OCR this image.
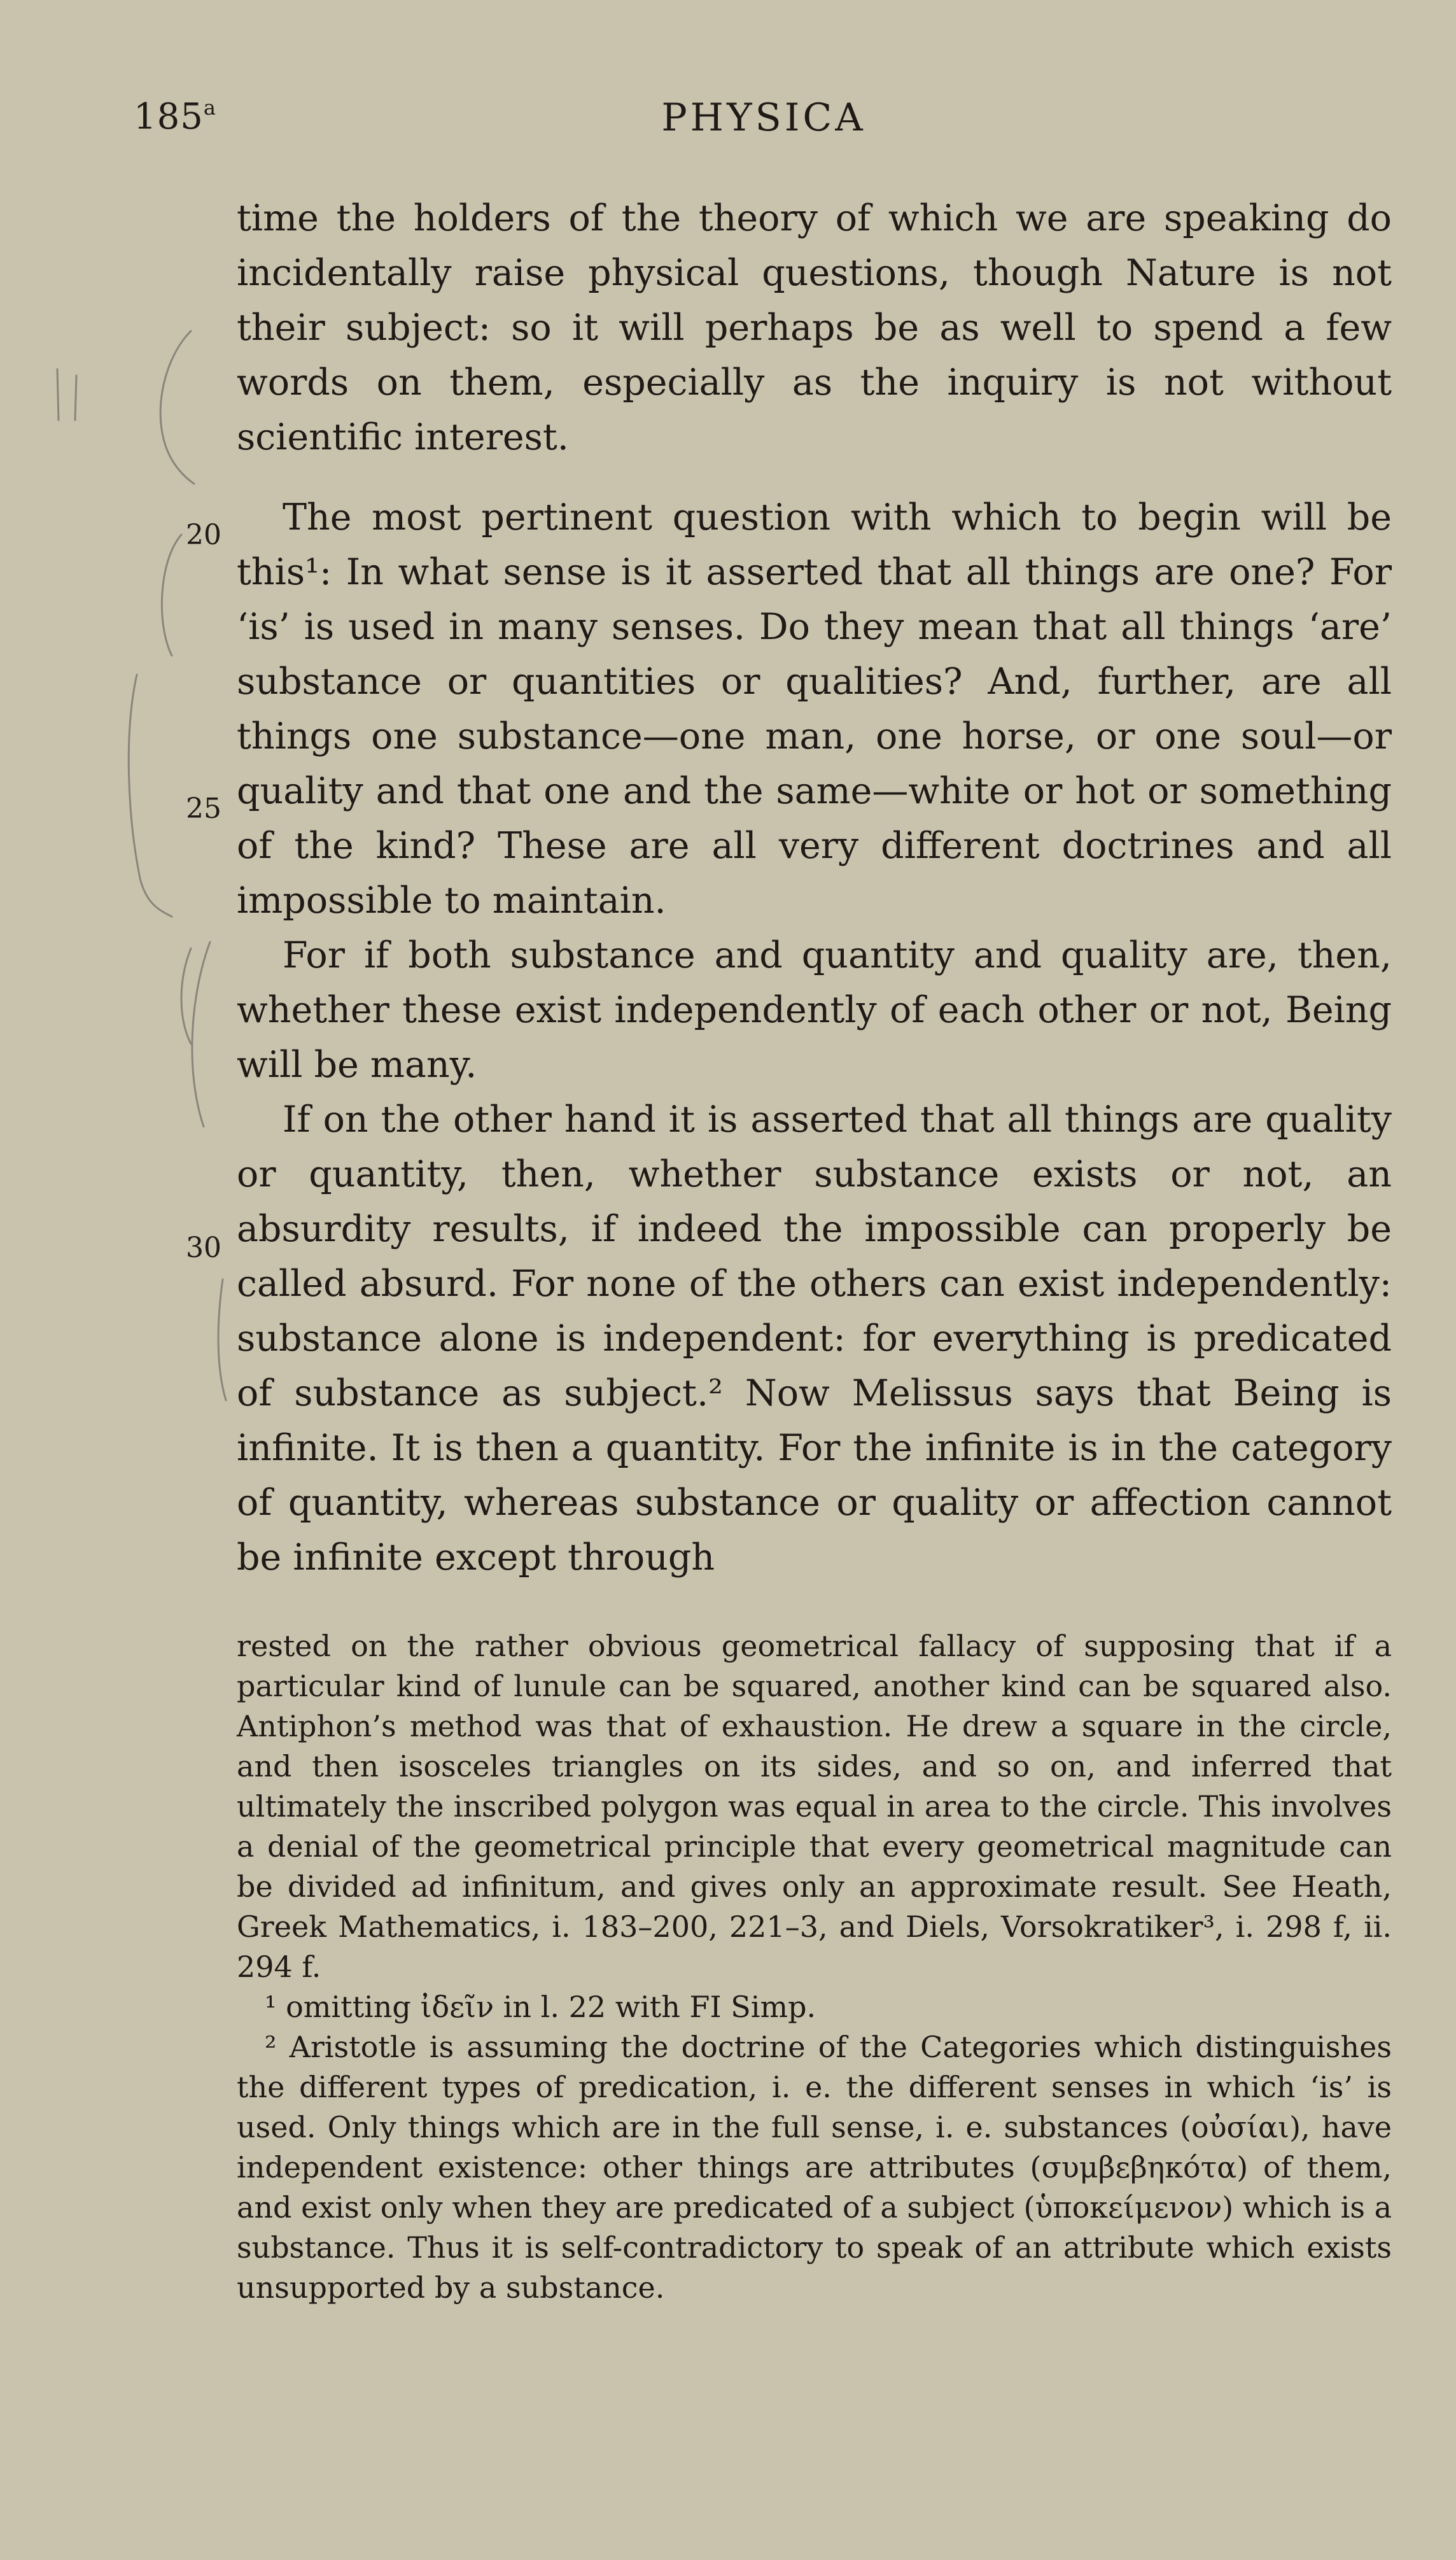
185$^a$	PHYSICA
20
25
30

time the holders of the theory of which we are speaking do incidentally raise physical questions, though Nature is not their subject: so it will perhaps be as well to spend a few words on them, especially as the inquiry is not without scientific interest.

The most pertinent question with which to begin will be this¹: In what sense is it asserted that all things are one? For ‘is’ is used in many senses. Do they mean that all things ‘are’ substance or quantities or qualities? And, further, are all things one substance—one man, one horse, or one soul—or quality and that one and the same—white or hot or something of the kind? These are all very different doctrines and all impossible to maintain.

For if both substance and quantity and quality are, then, whether these exist independently of each other or not, Being will be many.

If on the other hand it is asserted that all things are quality or quantity, then, whether substance exists or not, an absurdity results, if indeed the impossible can properly be called absurd. For none of the others can exist independently: substance alone is independent: for everything is predicated of substance as subject.² Now Melissus says that Being is infinite. It is then a quantity. For the infinite is in the category of quantity, whereas substance or quality or affection cannot be infinite except through

rested on the rather obvious geometrical fallacy of supposing that if a particular kind of lunule can be squared, another kind can be squared also. Antiphon’s method was that of exhaustion. He drew a square in the circle, and then isosceles triangles on its sides, and so on, and inferred that ultimately the inscribed polygon was equal in area to the circle. This involves a denial of the geometrical principle that every geometrical magnitude can be divided ad infinitum, and gives only an approximate result. See Heath, Greek Mathematics, i. 183–200, 221–3, and Diels, Vorsokratiker³, i. 298 f, ii. 294 f.

¹ omitting ἰδεῖν in l. 22 with FI Simp.

² Aristotle is assuming the doctrine of the Categories which distinguishes the different types of predication, i. e. the different senses in which ‘is’ is used. Only things which are in the full sense, i. e. substances (οὐσίαι), have independent existence: other things are attributes (συμβεβηκότα) of them, and exist only when they are predicated of a subject (ὑποκείμενον) which is a substance. Thus it is self-contradictory to speak of an attribute which exists unsupported by a substance.
